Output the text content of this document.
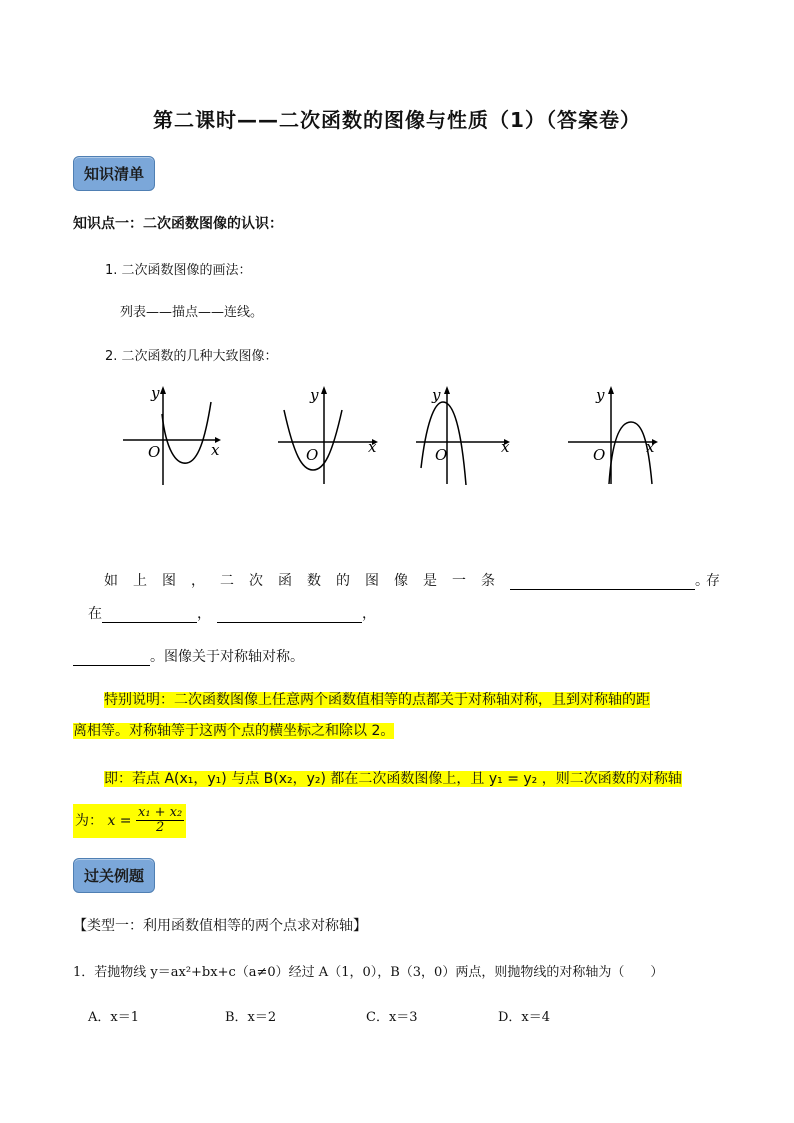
第二课时——二次函数的图像与性质（1）（答案卷）
知识清单
知识点一：二次函数图像的认识：
1. 二次函数图像的画法：
列表——描点——连线。
2. 二次函数的几种大致图像：
y
O	x
y
O	x
y
O	x
y
O	x
如上图，二次函数的图像是一条	。
存
在	，	，
。图像关于对称轴对称。
特别说明：二次函数图像上任意两个函数值相等的点都关于对称轴对称，且到对称轴的距
离相等。对称轴等于这两个点的横坐标之和除以 2。
即：若点 A(x₁，y₁) 与点 B(x₂，y₂) 都在二次函数图像上，且 y₁ = y₂ ，则二次函数的对称轴
为： $x = \frac{\text{x₁ + x₂}}{2}$
过关例题
【类型一：利用函数值相等的两个点求对称轴】
1．若抛物线 y＝ax²+bx+c（a≠0）经过 A（1，0），B（3，0）两点，则抛物线的对称轴为（　　）
A．x＝1	B．x＝2	C．x＝3	D．x＝4
